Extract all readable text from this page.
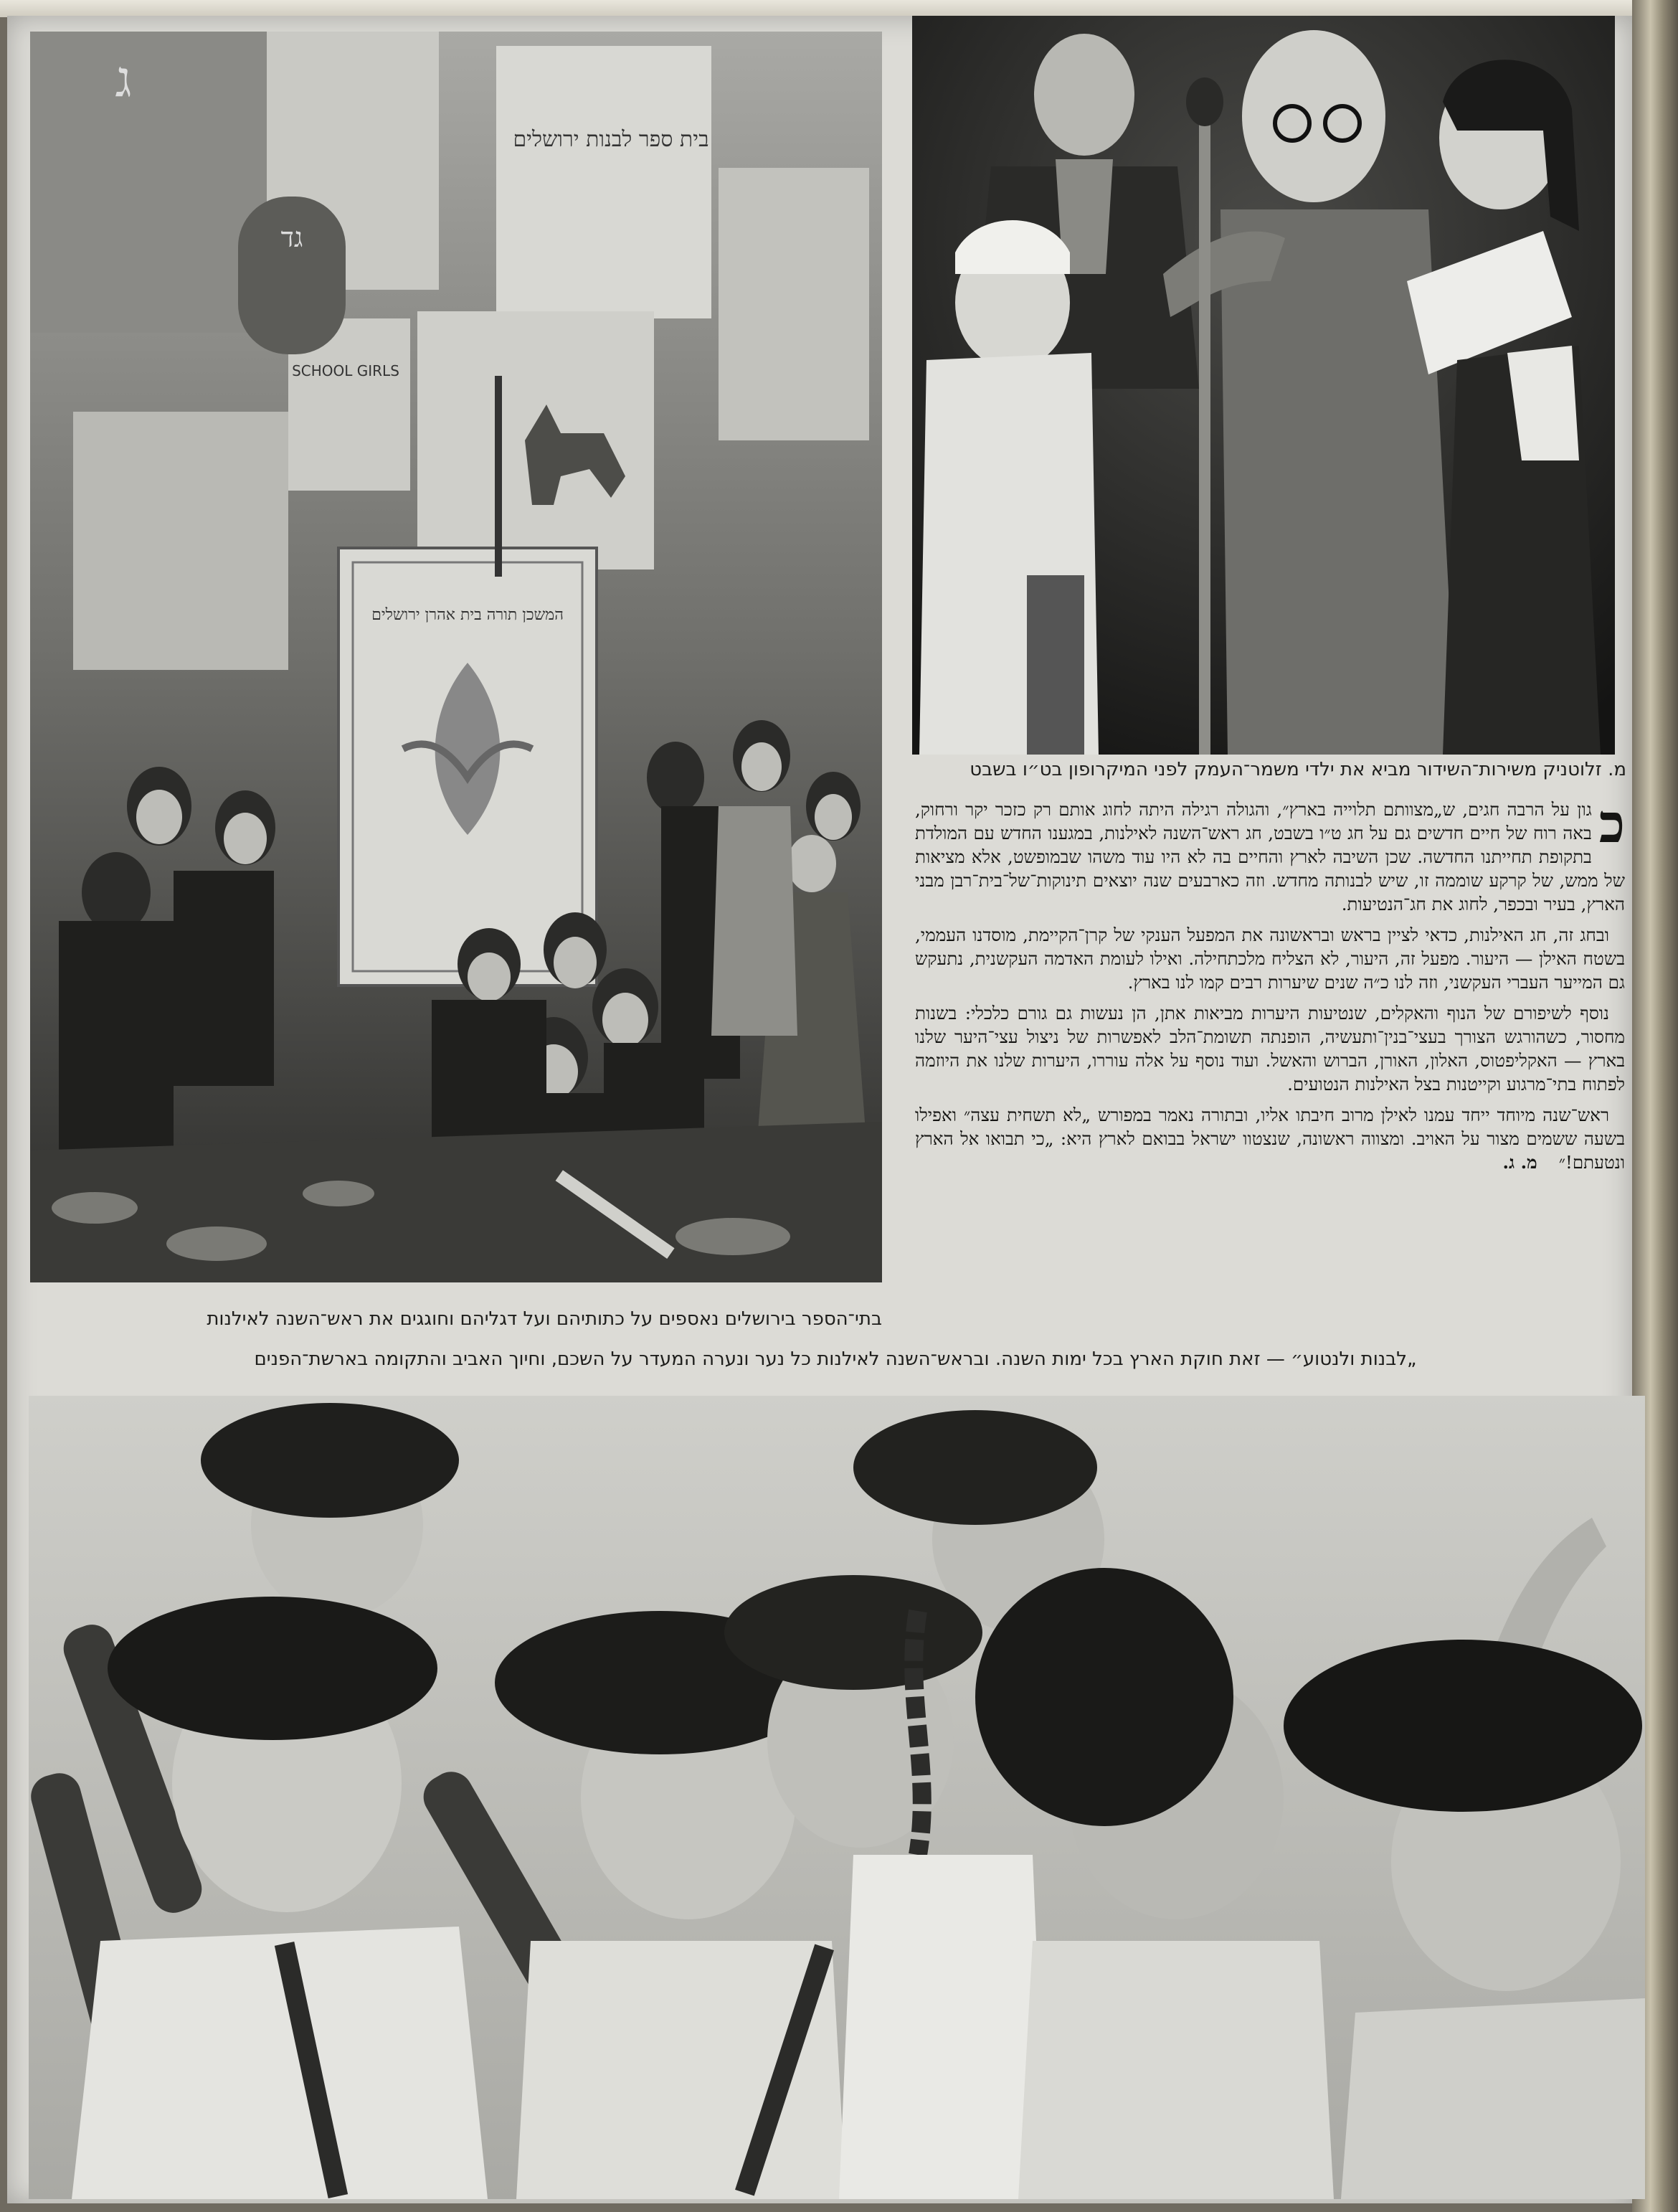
בית ספר לבנות ירושלים
גד
ג
SCHOOL GIRLS
המשכן תורה בית אהרן ירושלים
מ. זלוטניק משירות־השידור מביא את ילדי משמר־העמק לפני המיקרופון בט״ו בשבט

כ
גון על הרבה חגים, ש„מצוותם תלוייה בארץ״, והגולה רגילה היתה לחוג אותם רק כזכר יקר ורחוק, באה רוח של חיים חדשים גם על חג ט״ו בשבט, חג ראש־השנה לאילנות, במגענו החדש עם המולדת בתקופת תחייתנו החדשה. שכן השיבה לארץ והחיים בה לא היו עוד משהו שבמופשט, אלא מציאות של ממש, של קרקע שוממה זו, שיש לבנותה מחדש. וזה כארבעים שנה יוצאים תינוקות־של־בית־רבן מבני הארץ, בעיר ובכפר, לחוג את חג־הנטיעות.

ובחג זה, חג האילנות, כדאי לציין בראש ובראשונה את המפעל הענקי של קרן־הקיימת, מוסדנו העממי, בשטח האילן — היעור. מפעל זה, היעור, לא הצליח מלכתחילה. ואילו לעומת האדמה העקשנית, נתעקש גם המייער העברי העקשני, וזה לנו כ״ה שנים שיערות רבים קמו לנו בארץ.

נוסף לשיפורם של הנוף והאקלים, שנטיעות היערות מביאות אתן, הן נעשות גם גורם כלכלי: בשנות מחסור, כשהורגש הצורך בעצי־בנין־ותעשיה, הופנתה תשומת־הלב לאפשרות של ניצול עצי־היער שלנו בארץ — האקליפטוס, האלון, האורן, הברוש והאשל. ועוד נוסף על אלה עוררו, היערות שלנו את היוזמה לפתוח בתי־מרגוע וקייטנות בצל האילנות הנטועים.

ראש־שנה מיוחד ייחד עמנו לאילן מרוב חיבתו אליו, ובתורה נאמר במפורש „לא תשחית עצה״ ואפילו בשעה ששמים מצור על האויב. ומצווה ראשונה, שנצטוו ישראל בבואם לארץ היא: „כי תבואו אל הארץ ונטעתם!״מ. ג.

בתי־הספר בירושלים נאספים על כתותיהם ועל דגליהם וחוגגים את ראש־השנה לאילנות
„לבנות ולנטוע״ — זאת חוקת הארץ בכל ימות השנה. ובראש־השנה לאילנות כל נער ונערה המעדר על השכם, וחיוך האביב והתקומה בארשת־הפנים
